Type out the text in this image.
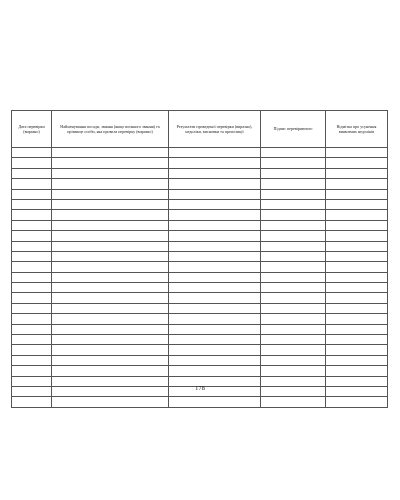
Дата перевірки (виразно)	Найменування посади, звання (якщо воєнного звання) та прізвище особи, яка провела перевірку (виразно)	Результати проведеної перевірки (виразно), недоліки, висновки та пропозиції	Підпис перевіряючого	Відмітка про усунення виявлених недоліків

178
